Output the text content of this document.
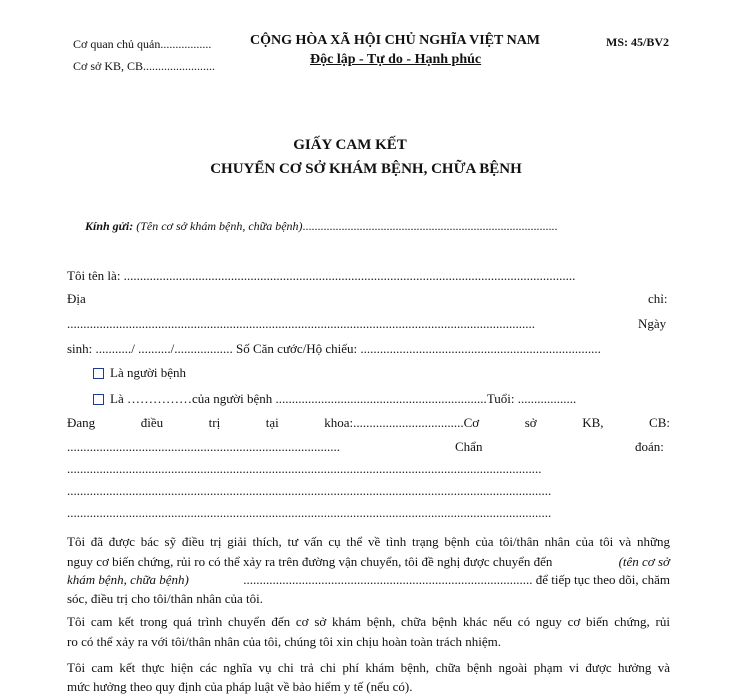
Cơ quan chủ quản.................
Cơ sở KB, CB........................
CỘNG HÒA XÃ HỘI CHỦ NGHĨA VIỆT NAM
Độc lập - Tự do - Hạnh phúc
MS: 45/BV2
GIẤY CAM KẾT
CHUYỂN CƠ SỞ KHÁM BỆNH, CHỮA BỆNH
Kính gửi: (Tên cơ sở khám bệnh, chữa bệnh).....................................................................................
Tôi tên là: ...........................................................................................................................................
Địa	chỉ:
................................................................................................................................................	Ngày
sinh: .........../ ........../.................. Số Căn cước/Hộ chiếu: ..........................................................................
Là người bệnh
Là ……………của người bệnh .................................................................Tuổi: ..................
Đang	điều	trị	tại	khoa:..................................Cơ	sở	KB,	CB:
....................................................................................	Chẩn	đoán:
..................................................................................................................................................
.....................................................................................................................................................
.....................................................................................................................................................
Tôi đã được bác sỹ điều trị giải thích, tư vấn cụ thể về tình trạng bệnh của tôi/thân nhân của tôi và những
nguy cơ biến chứng, rủi ro có thể xảy ra trên đường vận chuyển, tôi đề nghị được chuyển đến	(tên cơ sở
khám bệnh, chữa bệnh)	......................................................................................... để tiếp tục theo dõi, chăm
sóc, điều trị cho tôi/thân nhân của tôi.
Tôi cam kết trong quá trình chuyển đến cơ sở khám bệnh, chữa bệnh khác nếu có nguy cơ biến chứng, rủi
ro có thể xảy ra với tôi/thân nhân của tôi, chúng tôi xin chịu hoàn toàn trách nhiệm.
Tôi cam kết thực hiện các nghĩa vụ chi trả chi phí khám bệnh, chữa bệnh ngoài phạm vi được hưởng và
mức hưởng theo quy định của pháp luật về bảo hiểm y tế (nếu có).
